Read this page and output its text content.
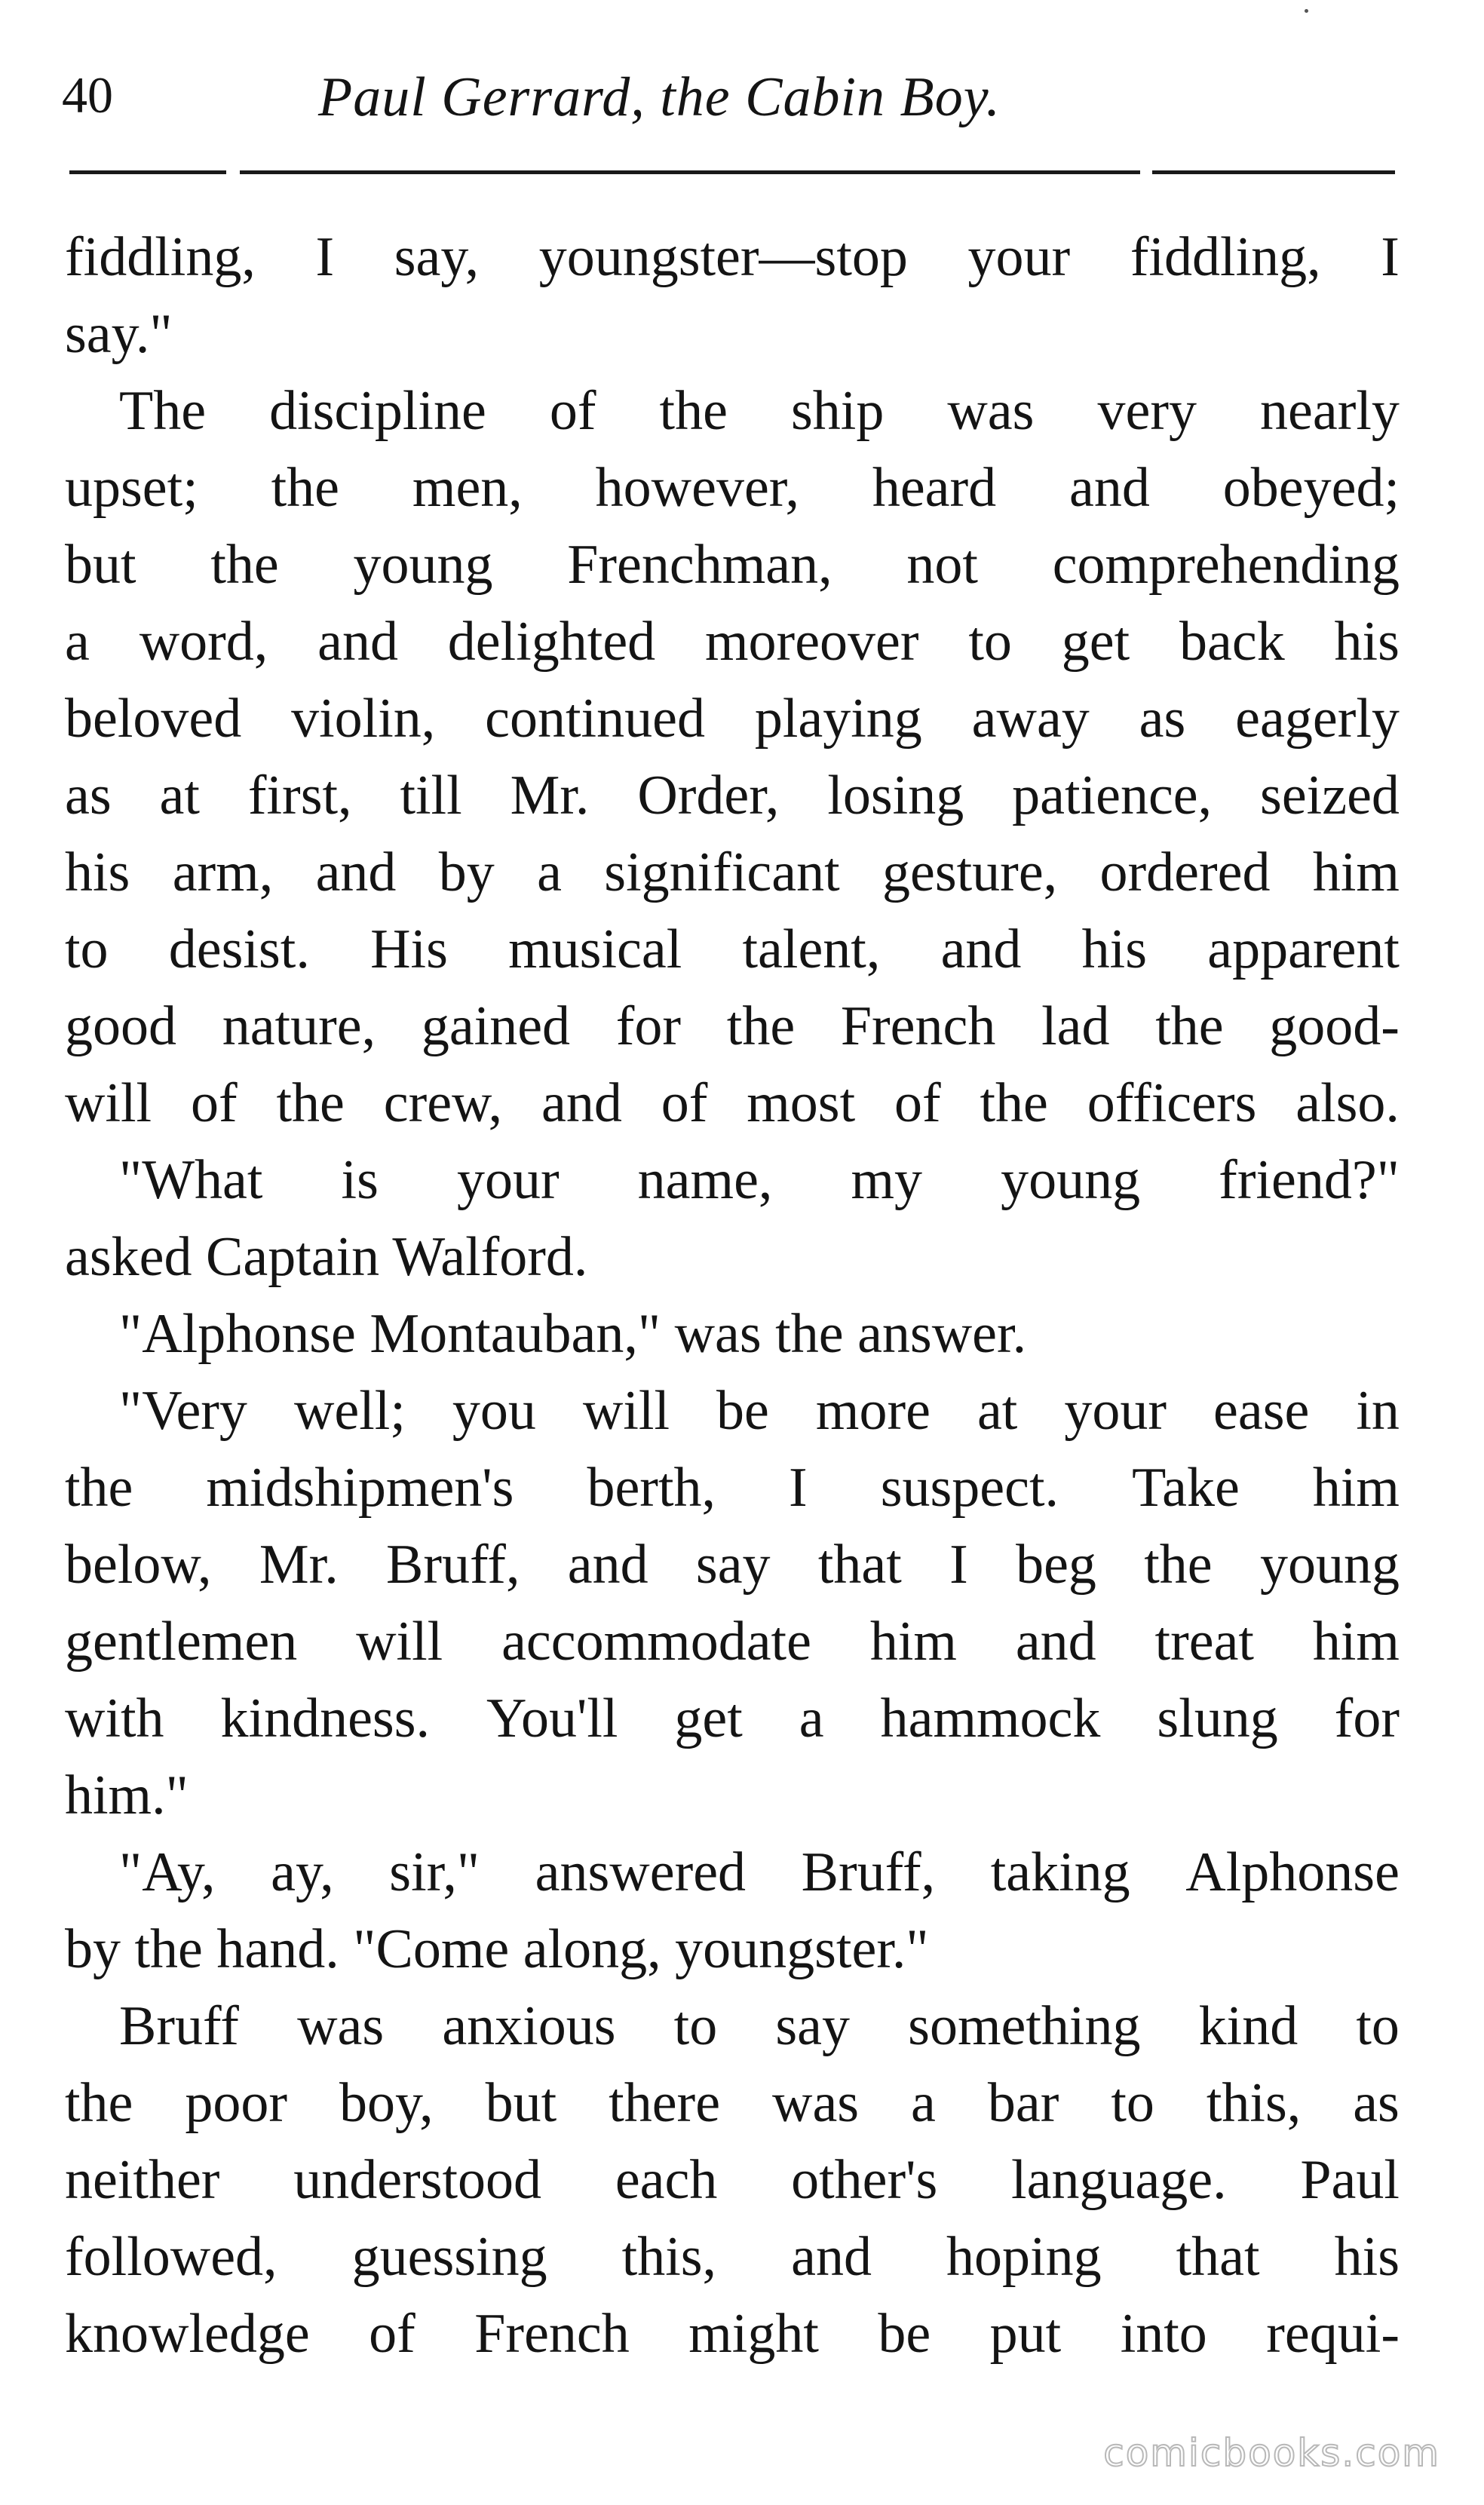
40	Paul Gerrard, the Cabin Boy.
fiddling, I say, youngster—stop your fiddling, I
say."
The discipline of the ship was very nearly
upset; the men, however, heard and obeyed;
but the young Frenchman, not comprehending
a word, and delighted moreover to get back his
beloved violin, continued playing away as eagerly
as at first, till Mr. Order, losing patience, seized
his arm, and by a significant gesture, ordered him
to desist. His musical talent, and his apparent
good nature, gained for the French lad the good-
will of the crew, and of most of the officers also.
"What is your name, my young friend?"
asked Captain Walford.
"Alphonse Montauban," was the answer.
"Very well; you will be more at your ease in
the midshipmen's berth, I suspect. Take him
below, Mr. Bruff, and say that I beg the young
gentlemen will accommodate him and treat him
with kindness. You'll get a hammock slung for
him."
"Ay, ay, sir," answered Bruff, taking Alphonse
by the hand. "Come along, youngster."
Bruff was anxious to say something kind to
the poor boy, but there was a bar to this, as
neither understood each other's language. Paul
followed, guessing this, and hoping that his
knowledge of French might be put into requi-
comicbooks.com
